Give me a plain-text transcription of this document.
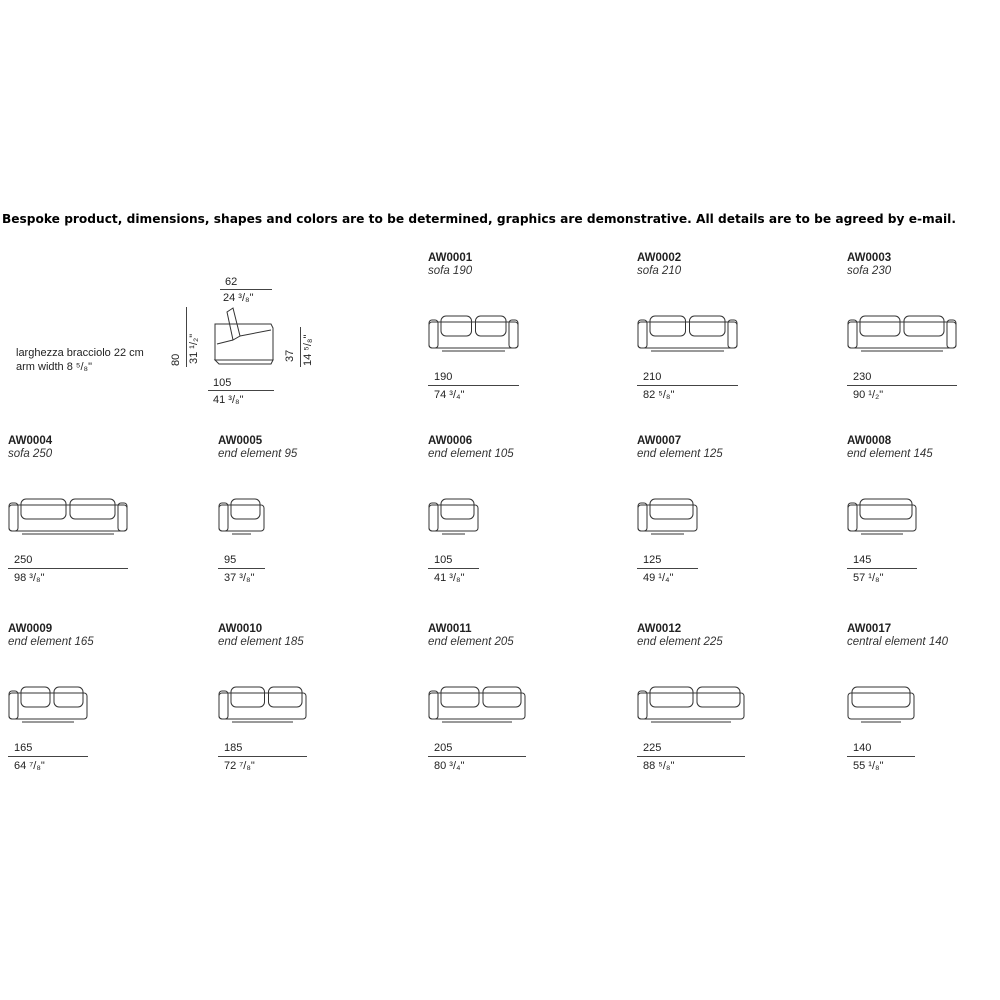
Bespoke product, dimensions, shapes and colors are to be determined, graphics are demonstrative. All details are to be agreed by e-mail.
62
24 ³/₈"
80 31 ¹/₂"	37 14 ⁵/₈"
larghezza bracciolo 22 cm
arm width 8 ⁵/₈"
105
41 ³/₈"
AW0001
sofa 190
190
74 ³/₄"
AW0002
sofa 210
210
82 ⁵/₈"
AW0003
sofa 230
230
90 ¹/₂"
AW0004
sofa 250
250
98 ³/₈"
AW0005
end element 95
95
37 ³/₈"
AW0006
end element 105
105
41 ³/₈"
AW0007
end element 125
125
49 ¹/₄"
AW0008
end element 145
145
57 ¹/₈"
AW0009
end element 165
165
64 ⁷/₈"
AW0010
end element 185
185
72 ⁷/₈"
AW0011
end element 205
205
80 ³/₄"
AW0012
end element 225
225
88 ⁵/₈"
AW0017
central element 140
140
55 ¹/₈"
